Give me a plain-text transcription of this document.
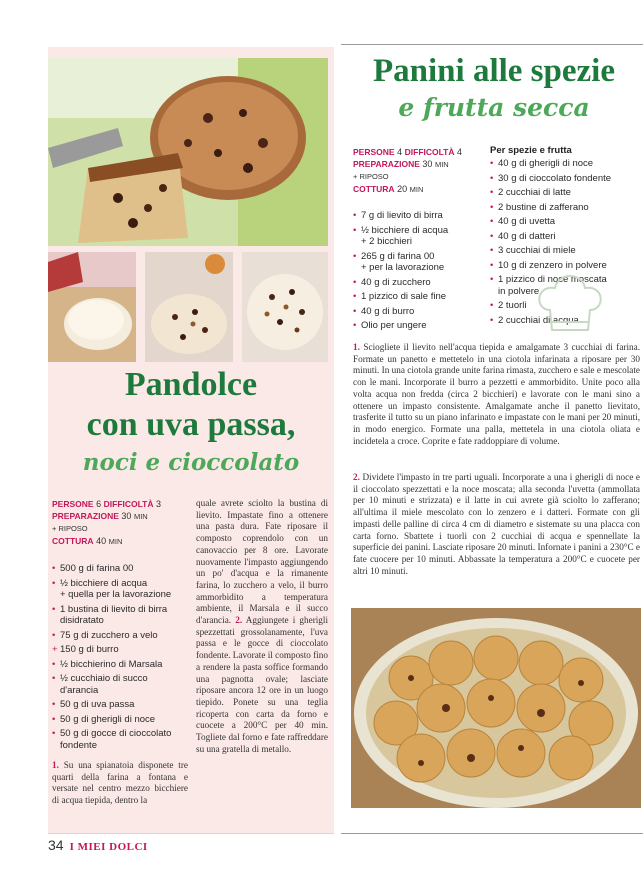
Pandolce
con uva passa,
noci e cioccolato
PERSONE 6 DIFFICOLTÀ 3
PREPARAZIONE 30 MIN
+ RIPOSO
COTTURA 40 MIN
• 500 g di farina 00
• ½ bicchiere di acqua
+ quella per la lavorazione
• 1 bustina di lievito di birra
disidratato
• 75 g di zucchero a velo
+ 150 g di burro
• ½ bicchierino di Marsala
• ½ cucchiaio di succo
d'arancia
• 50 g di uva passa
• 50 g di gherigli di noce
• 50 g di gocce di cioccolato
fondente
1. Su una spianatoia disponete tre quarti della farina a fontana e versate nel centro mezzo bicchiere di acqua tiepida, dentro la
quale avrete sciolto la bustina di lievito. Impastate fino a ottenere una pasta dura. Fate riposare il composto coprendolo con un canovaccio per 8 ore. Lavorate nuovamente l'impasto aggiungendo un po' d'acqua e la rimanente farina, lo zucchero a velo, il burro ammorbidito a temperatura ambiente, il Marsala e il succo d'arancia. 2. Aggiungete i gherigli spezzettati grossolanamente, l'uva passa e le gocce di cioccolato fondente. Lavorate il composto fino a rendere la pasta soffice formando una pagnotta ovale; lasciate riposare ancora 12 ore in un luogo tiepido. Ponete su una teglia ricoperta con carta da forno e cuocete a 200°C per 40 min. Toglietе dal forno e fate raffreddare su una gratella di metallo.
34 I MIEI DOLCI
Panini alle spezie
e frutta secca
PERSONE 4 DIFFICOLTÀ 4
PREPARAZIONE 30 MIN
+ RIPOSO
COTTURA 20 MIN
• 7 g di lievito di birra
• ½ bicchiere di acqua
+ 2 bicchieri
• 265 g di farina 00
+ per la lavorazione
• 40 g di zucchero
• 1 pizzico di sale fine
• 40 g di burro
• Olio per ungere
Per spezie e frutta
• 40 g di gherigli di noce
• 30 g di cioccolato fondente
• 2 cucchiai di latte
• 2 bustine di zafferano
• 40 g di uvetta
• 40 g di datteri
• 3 cucchiai di miele
• 10 g di zenzero in polvere
• 1 pizzico di noce moscata in polvere
• 2 tuorli
• 2 cucchiai di acqua
1. Sciogliete il lievito nell'acqua tiepida e amalgamate 3 cucchiai di farina. Formate un panetto e mettetelo in una ciotola infarinata a riposare per 30 minuti. In una ciotola grande unite farina rimasta, zucchero e sale e mescolate con le mani. Incorporate il burro a pezzetti e ammorbidito. Unite poco alla volta acqua non fredda (circa 2 bicchieri) e lavorate con le mani sino a ottenere un impasto consistente. Amalgamate anche il panetto lievitato, trasferite il tutto su un piano infarinato e impastate con le mani per 20 minuti, in modo energico. Formate una palla, mettetela in una ciotola oliata e incidetela a croce. Coprite e fate raddoppiare di volume.
2. Dividete l'impasto in tre parti uguali. Incorporate a una i gherigli di noce e il cioccolato spezzettati e la noce moscata; alla seconda l'uvetta (ammollata per 10 minuti e strizzata) e il latte in cui avrete già sciolto lo zafferano; all'ultima il miele mescolato con lo zenzero e i datteri. Formate con gli impasti delle palline di circa 4 cm di diametro e sistemate su una placca con carta forno. Sbattete i tuorli con 2 cucchiai di acqua e spennellate la superficie dei panini. Lasciate riposare 20 minuti. Infornate i panini a 230°C e fate cuocere per 10 minuti. Abbassate la temperatura a 200°C e cuocete per altri 10 minuti.
